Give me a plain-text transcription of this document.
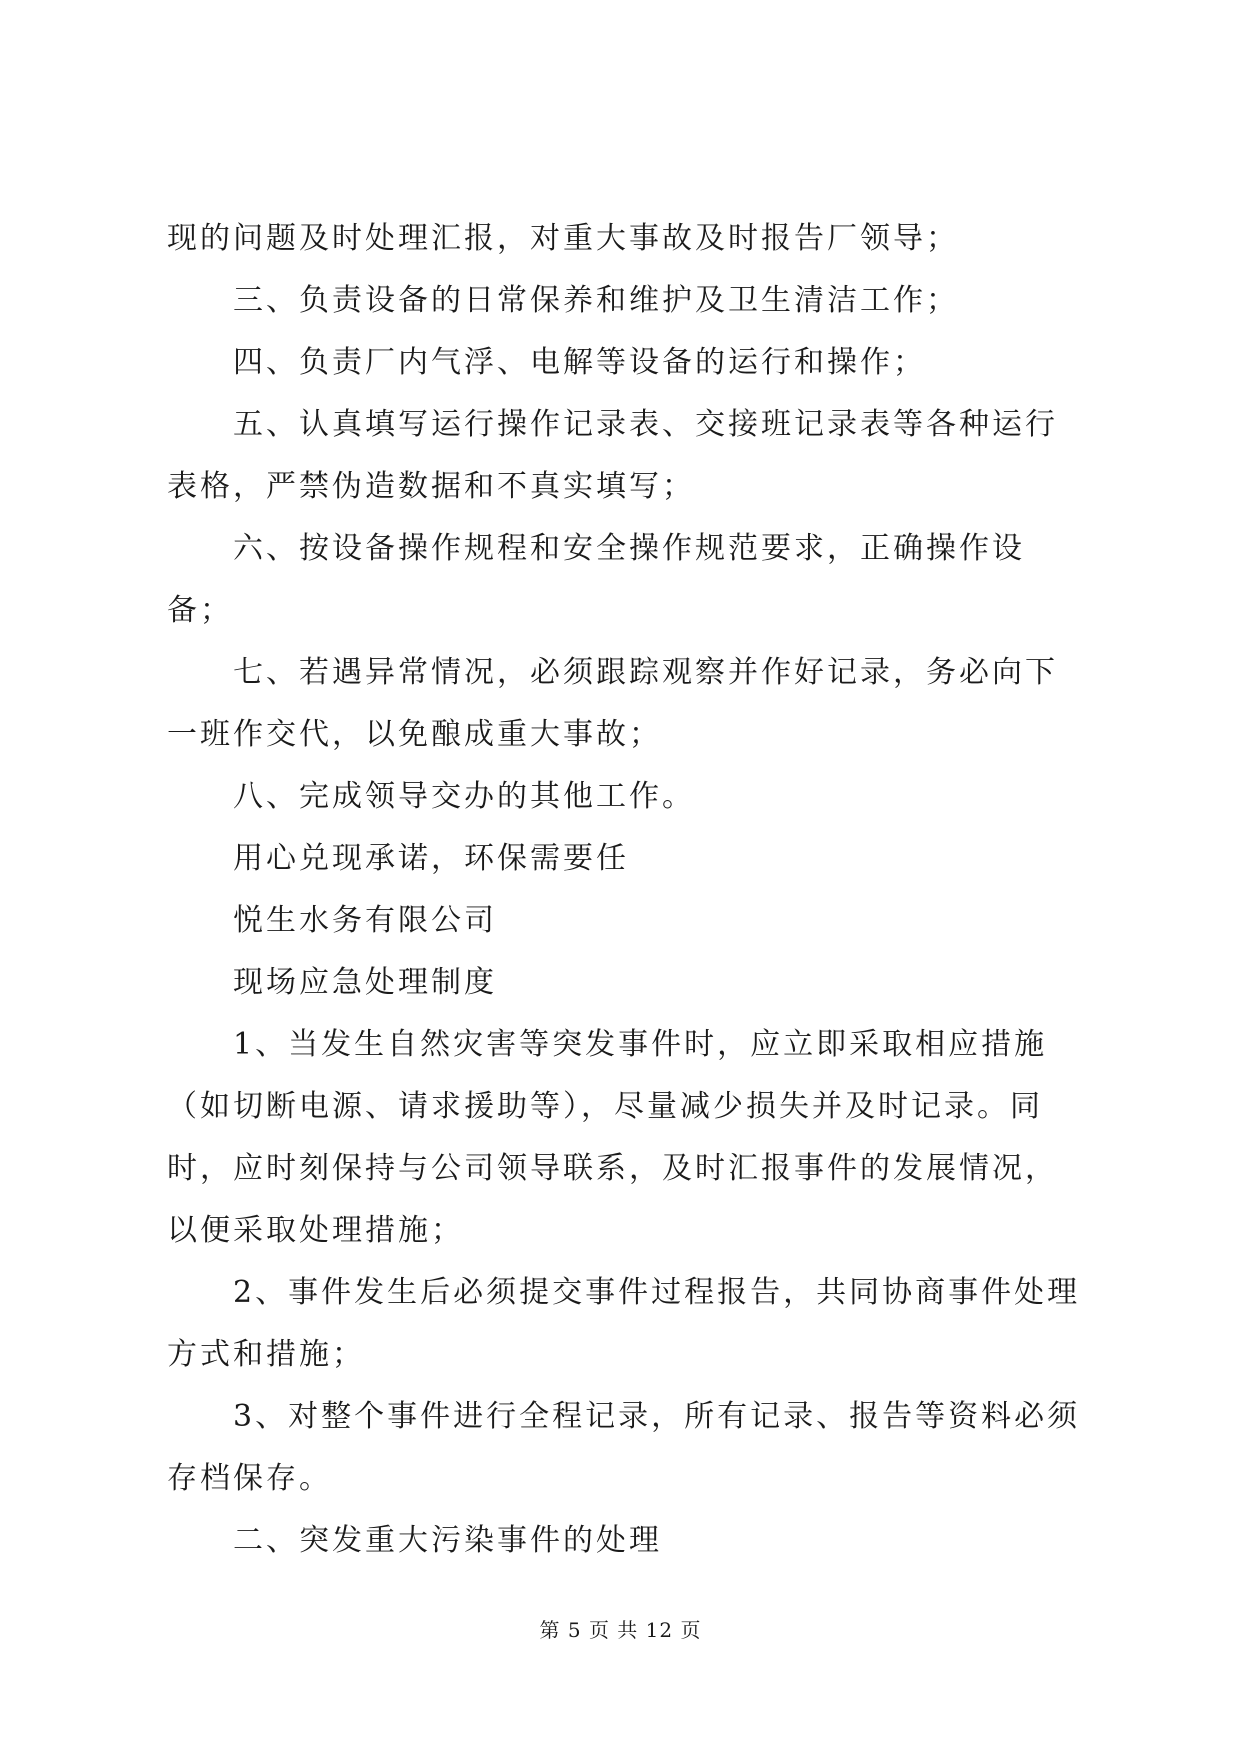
现的问题及时处理汇报，对重大事故及时报告厂领导；

三、负责设备的日常保养和维护及卫生清洁工作；

四、负责厂内气浮、电解等设备的运行和操作；

五、认真填写运行操作记录表、交接班记录表等各种运行表格，严禁伪造数据和不真实填写；

六、按设备操作规程和安全操作规范要求，正确操作设备；

七、若遇异常情况，必须跟踪观察并作好记录，务必向下一班作交代，以免酿成重大事故；

八、完成领导交办的其他工作。

用心兑现承诺，环保需要任

悦生水务有限公司

现场应急处理制度

1、当发生自然灾害等突发事件时，应立即采取相应措施（如切断电源、请求援助等），尽量减少损失并及时记录。同时，应时刻保持与公司领导联系，及时汇报事件的发展情况，以便采取处理措施；

2、事件发生后必须提交事件过程报告，共同协商事件处理方式和措施；

3、对整个事件进行全程记录，所有记录、报告等资料必须存档保存。

二、突发重大污染事件的处理

第 5 页 共 12 页
